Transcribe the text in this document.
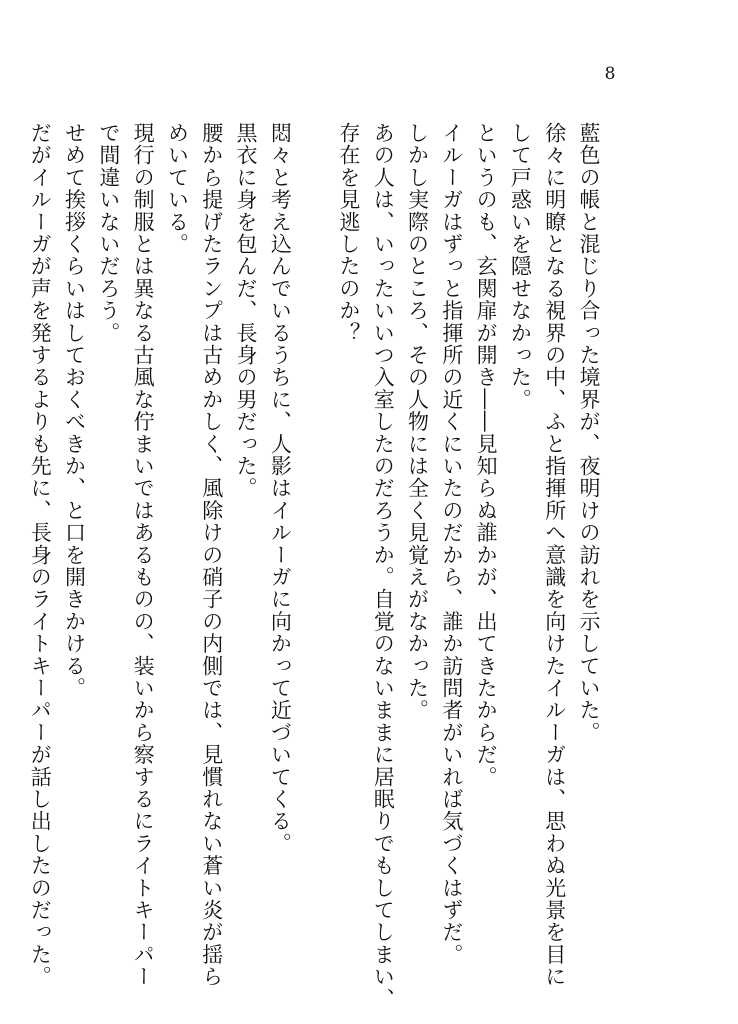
8
藍色の帳と混じり合った境界が、夜明けの訪れを示していた。
徐々に明瞭となる視界の中、ふと指揮所へ意識を向けたイルーガは、思わぬ光景を目に
して戸惑いを隠せなかった。
というのも、玄関扉が開き――見知らぬ誰かが、出てきたからだ。
イルーガはずっと指揮所の近くにいたのだから、誰か訪問者がいれば気づくはずだ。
しかし実際のところ、その人物には全く見覚えがなかった。
あの人は、いったいいつ入室したのだろうか。自覚のないままに居眠りでもしてしまい、
存在を見逃したのか？
悶々と考え込んでいるうちに、人影はイルーガに向かって近づいてくる。
黒衣に身を包んだ、長身の男だった。
腰から提げたランプは古めかしく、風除けの硝子の内側では、見慣れない蒼い炎が揺ら
めいている。
現行の制服とは異なる古風な佇まいではあるものの、装いから察するにライトキーパー
で間違いないだろう。
せめて挨拶くらいはしておくべきか、と口を開きかける。
だがイルーガが声を発するよりも先に、長身のライトキーパーが話し出したのだった。
